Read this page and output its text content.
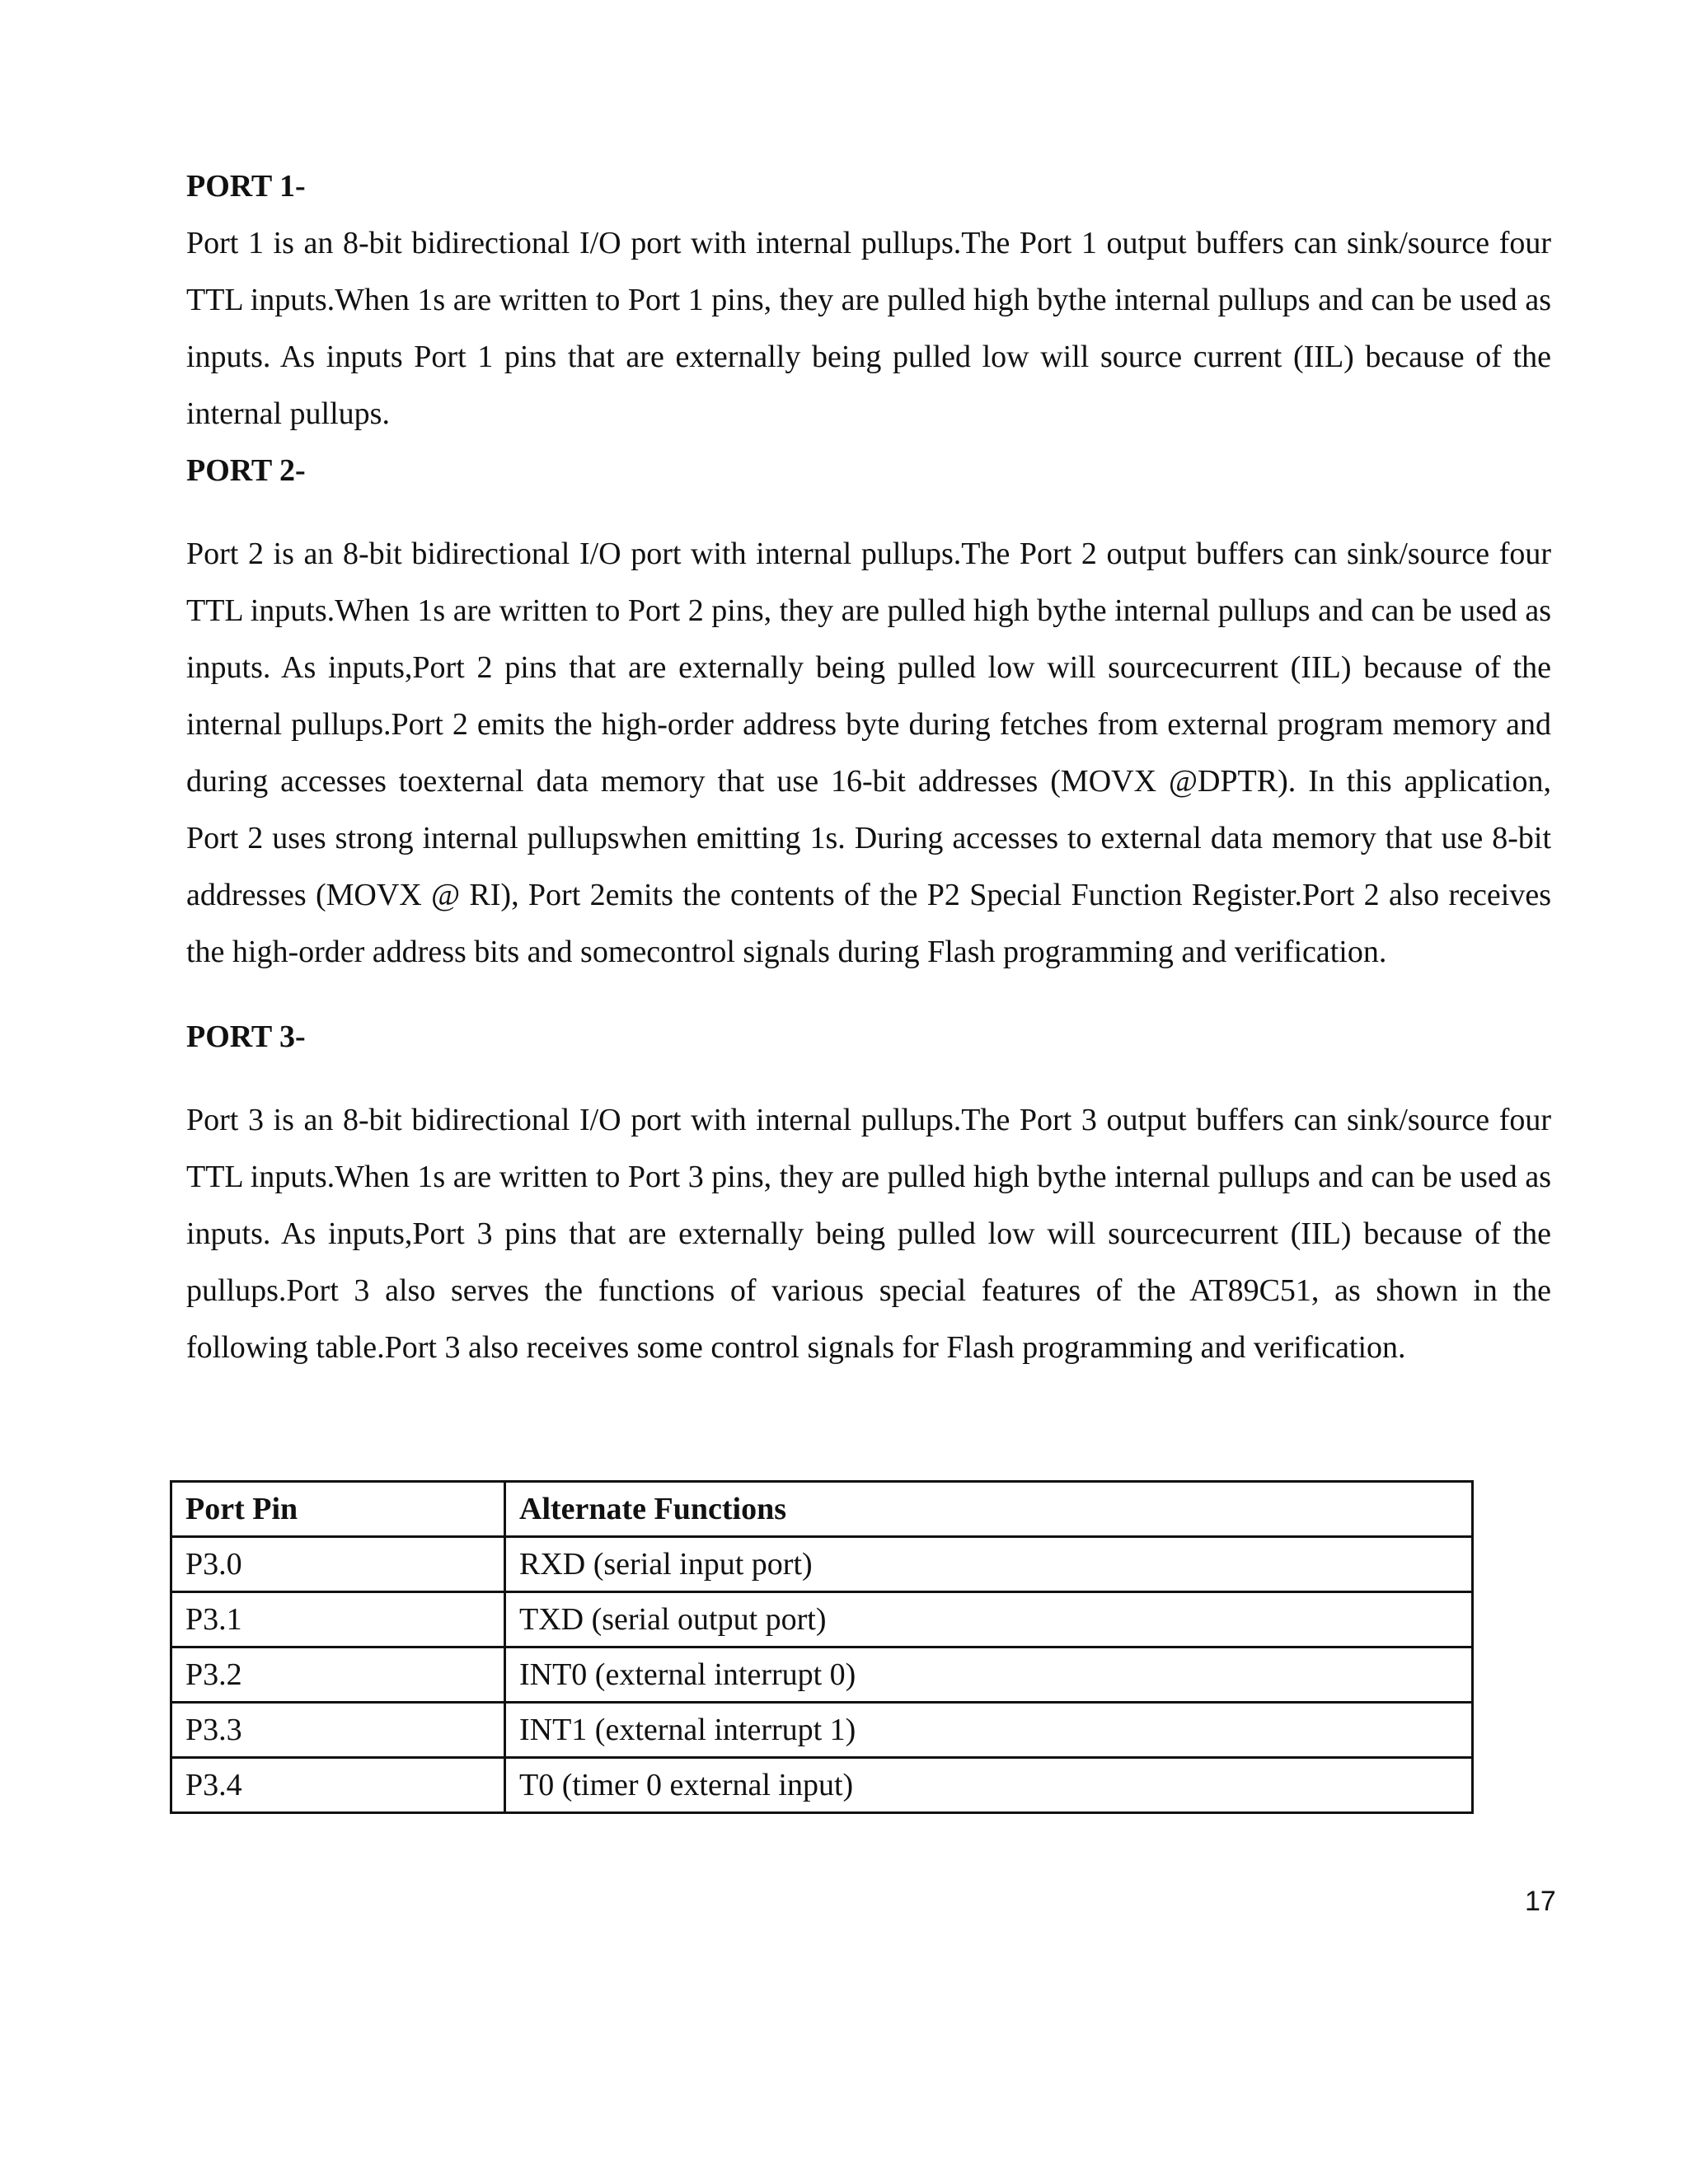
PORT 1-

Port 1 is an 8-bit bidirectional I/O port with internal pullups.The Port 1 output buffers can sink/source four TTL inputs.When 1s are written to Port 1 pins, they are pulled high bythe internal pullups and can be used as inputs. As inputs Port 1 pins that are externally being pulled low will source current (IIL) because of the internal pullups.

PORT 2-

Port 2 is an 8-bit bidirectional I/O port with internal pullups.The Port 2 output buffers can sink/source four TTL inputs.When 1s are written to Port 2 pins, they are pulled high bythe internal pullups and can be used as inputs. As inputs,Port 2 pins that are externally being pulled low will sourcecurrent (IIL) because of the internal pullups.Port 2 emits the high-order address byte during fetches from external program memory and during accesses toexternal data memory that use 16-bit addresses (MOVX @DPTR). In this application, Port 2 uses strong internal pullupswhen emitting 1s. During accesses to external data memory that use 8-bit addresses (MOVX @ RI), Port 2emits the contents of the P2 Special Function Register.Port 2 also receives the high-order address bits and somecontrol signals during Flash programming and verification.

PORT 3-

Port 3 is an 8-bit bidirectional I/O port with internal pullups.The Port 3 output buffers can sink/source four TTL inputs.When 1s are written to Port 3 pins, they are pulled high bythe internal pullups and can be used as inputs. As inputs,Port 3 pins that are externally being pulled low will sourcecurrent (IIL) because of the pullups.Port 3 also serves the functions of various special features of the AT89C51, as shown in the following table.Port 3 also receives some control signals for Flash programming and verification.

Port Pin	Alternate Functions
P3.0	RXD (serial input port)
P3.1	TXD (serial output port)
P3.2	INT0 (external interrupt 0)
P3.3	INT1 (external interrupt 1)
P3.4	T0 (timer 0 external input)
17
